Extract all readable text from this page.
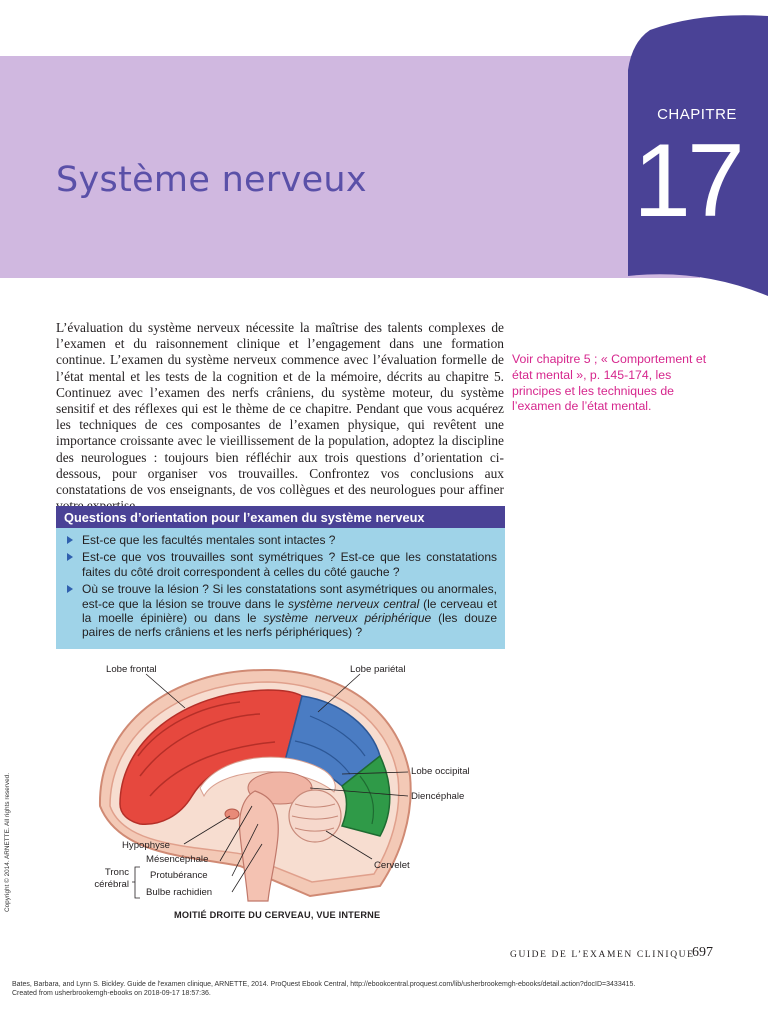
CHAPITRE
17
Système nerveux

L’évaluation du système nerveux nécessite la maîtrise des talents complexes de l’examen et du raisonnement clinique et l’engagement dans une formation continue. L’examen du système nerveux commence avec l’évaluation formelle de l’état mental et les tests de la cognition et de la mémoire, décrits au chapitre 5. Continuez avec l’examen des nerfs crâniens, du système moteur, du système sensitif et des réflexes qui est le thème de ce chapitre. Pendant que vous acquérez les techniques de ces composantes de l’examen physique, qui revêtent une importance croissante avec le vieillissement de la population, adoptez la discipline des neurologues : toujours bien réfléchir aux trois questions d’orientation ci-dessous, pour organiser vos trouvailles. Confrontez vos conclusions aux constatations de vos enseignants, de vos collègues et des neurologues pour affiner

Voir chapitre 5 ; « Comportement et état mental », p. 145-174, les principes et les techniques de l’examen de l’état mental.

Questions d’orientation pour l’examen du système nerveux
Est-ce que les facultés mentales sont intactes ?
Est-ce que vos trouvailles sont symétriques ? Est-ce que les constatations faites du côté droit correspondent à celles du côté gauche ?
Où se trouve la lésion ? Si les constatations sont asymétriques ou anormales, est-ce que la lésion se trouve dans le système nerveux central (le cerveau et la moelle épinière) ou dans le système nerveux périphérique (les douze paires de nerfs crâniens et les nerfs périphériques) ?
Lobe frontal	Lobe pariétal
Lobe occipital
Diencéphale
Cervelet
Hypophyse
Mésencéphale
Protubérance
Bulbe rachidien
Tronc cérébral
MOITIÉ DROITE DU CERVEAU, VUE INTERNE
GUIDE DE L’EXAMEN CLINIQUE
697
Copyright © 2014. ARNETTE. All rights reserved.
Bates, Barbara, and Lynn S. Bickley. Guide de l'examen clinique, ARNETTE, 2014. ProQuest Ebook Central, http://ebookcentral.proquest.com/lib/usherbrookemgh-ebooks/detail.action?docID=3433415.
Created from usherbrookemgh-ebooks on 2018-09-17 18:57:36.
